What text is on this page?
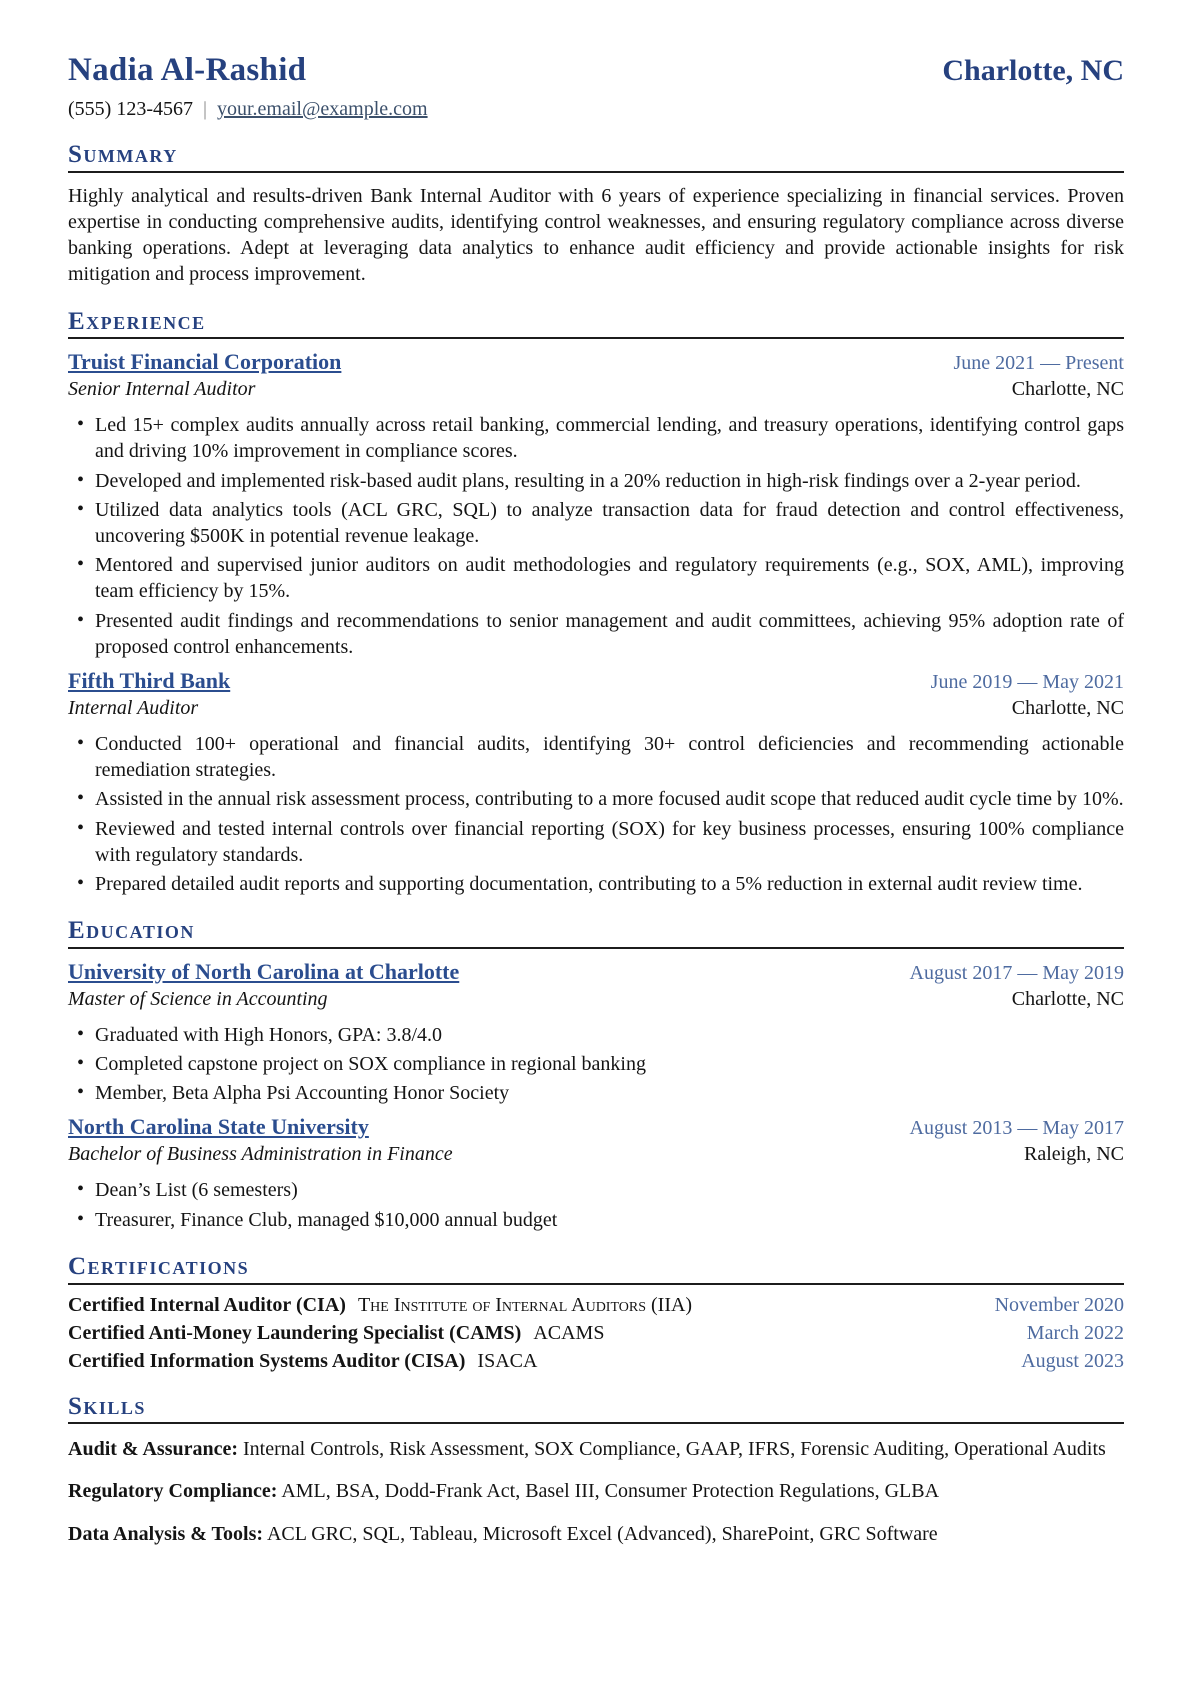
Nadia Al-Rashid	Charlotte, NC
(555) 123-4567 | your.email@example.com
Summary

Highly analytical and results-driven Bank Internal Auditor with 6 years of experience specializing in financial services. Proven expertise in conducting comprehensive audits, identifying control weaknesses, and ensuring regulatory compliance across diverse banking operations. Adept at leveraging data analytics to enhance audit efficiency and provide actionable insights for risk mitigation and process improvement.

Experience
Truist Financial Corporation	June 2021 — Present
Senior Internal Auditor	Charlotte, NC
• Led 15+ complex audits annually across retail banking, commercial lending, and treasury operations, identifying control gaps and driving 10% improvement in compliance scores.
• Developed and implemented risk-based audit plans, resulting in a 20% reduction in high-risk findings over a 2-year period.
• Utilized data analytics tools (ACL GRC, SQL) to analyze transaction data for fraud detection and control effectiveness, uncovering $500K in potential revenue leakage.
• Mentored and supervised junior auditors on audit methodologies and regulatory requirements (e.g., SOX, AML), improving team efficiency by 15%.
• Presented audit findings and recommendations to senior management and audit committees, achieving 95% adoption rate of proposed control enhancements.
Fifth Third Bank	June 2019 — May 2021
Internal Auditor	Charlotte, NC
• Conducted 100+ operational and financial audits, identifying 30+ control deficiencies and recommending actionable remediation strategies.
• Assisted in the annual risk assessment process, contributing to a more focused audit scope that reduced audit cycle time by 10%.
• Reviewed and tested internal controls over financial reporting (SOX) for key business processes, ensuring 100% compliance with regulatory standards.
• Prepared detailed audit reports and supporting documentation, contributing to a 5% reduction in external audit review time.
Education
University of North Carolina at Charlotte	August 2017 — May 2019
Master of Science in Accounting	Charlotte, NC
• Graduated with High Honors, GPA: 3.8/4.0
• Completed capstone project on SOX compliance in regional banking
• Member, Beta Alpha Psi Accounting Honor Society
North Carolina State University	August 2013 — May 2017
Bachelor of Business Administration in Finance	Raleigh, NC
• Dean’s List (6 semesters)
• Treasurer, Finance Club, managed $10,000 annual budget
Certifications
Certified Internal Auditor (CIA) The Institute of Internal Auditors (IIA)	November 2020
Certified Anti-Money Laundering Specialist (CAMS) ACAMS	March 2022
Certified Information Systems Auditor (CISA) ISACA	August 2023
Skills

Audit & Assurance: Internal Controls, Risk Assessment, SOX Compliance, GAAP, IFRS, Forensic Auditing, Operational Audits

Regulatory Compliance: AML, BSA, Dodd-Frank Act, Basel III, Consumer Protection Regulations, GLBA

Data Analysis & Tools: ACL GRC, SQL, Tableau, Microsoft Excel (Advanced), SharePoint, GRC Software
